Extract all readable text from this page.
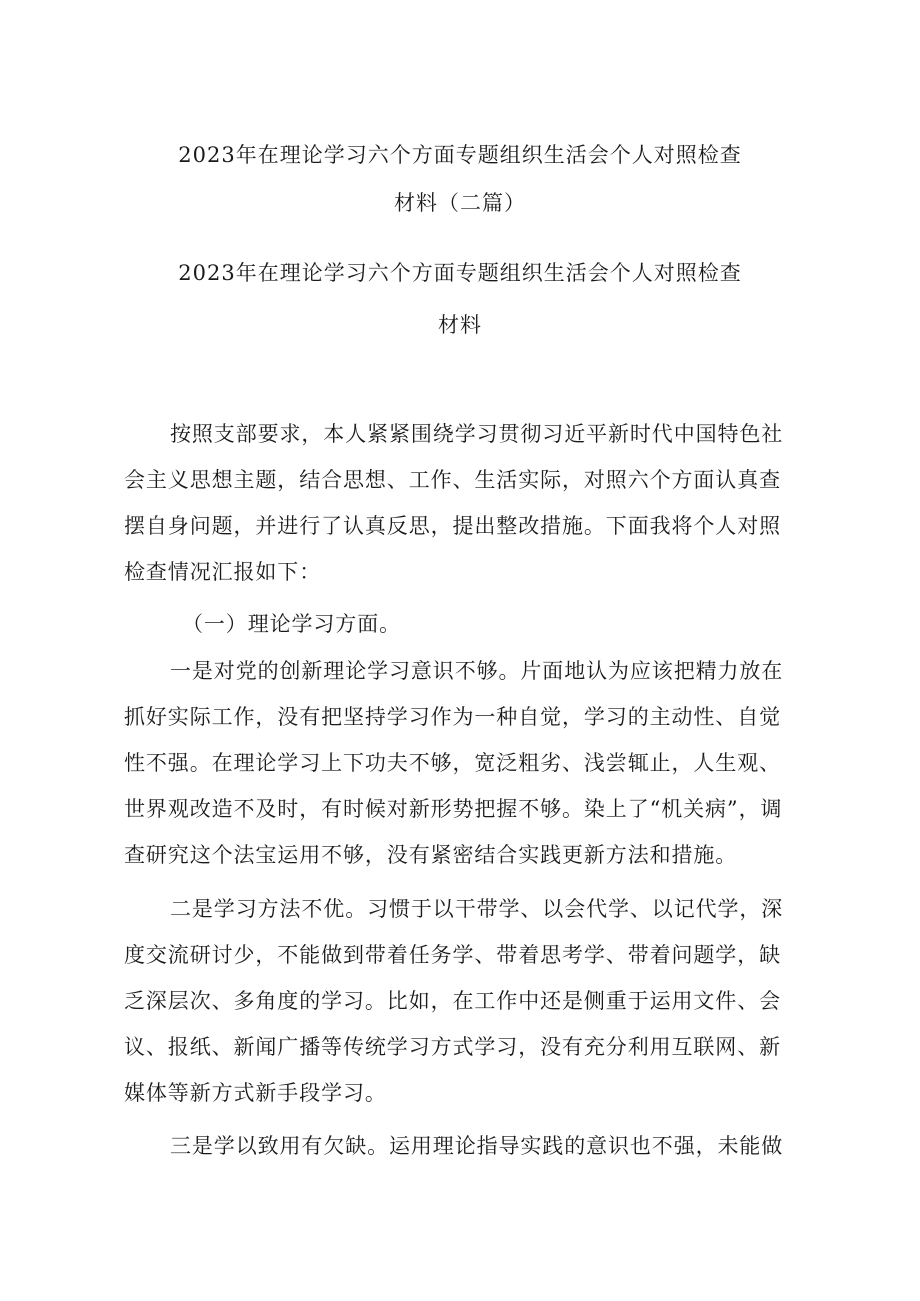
2023年在理论学习六个方面专题组织生活会个人对照检查
材料（二篇）
2023年在理论学习六个方面专题组织生活会个人对照检查
材料

按照支部要求，本人紧紧围绕学习贯彻习近平新时代中国特色社会主义思想主题，结合思想、工作、生活实际，对照六个方面认真查摆自身问题，并进行了认真反思，提出整改措施。下面我将个人对照检查情况汇报如下：

（一）理论学习方面。

一是对党的创新理论学习意识不够。片面地认为应该把精力放在抓好实际工作，没有把坚持学习作为一种自觉，学习的主动性、自觉性不强。在理论学习上下功夫不够，宽泛粗劣、浅尝辄止，人生观、世界观改造不及时，有时候对新形势把握不够。染上了“机关病”，调查研究这个法宝运用不够，没有紧密结合实践更新方法和措施。

二是学习方法不优。习惯于以干带学、以会代学、以记代学，深度交流研讨少，不能做到带着任务学、带着思考学、带着问题学，缺乏深层次、多角度的学习。比如，在工作中还是侧重于运用文件、会议、报纸、新闻广播等传统学习方式学习，没有充分利用互联网、新媒体等新方式新手段学习。

三是学以致用有欠缺。运用理论指导实践的意识也不强，未能做
